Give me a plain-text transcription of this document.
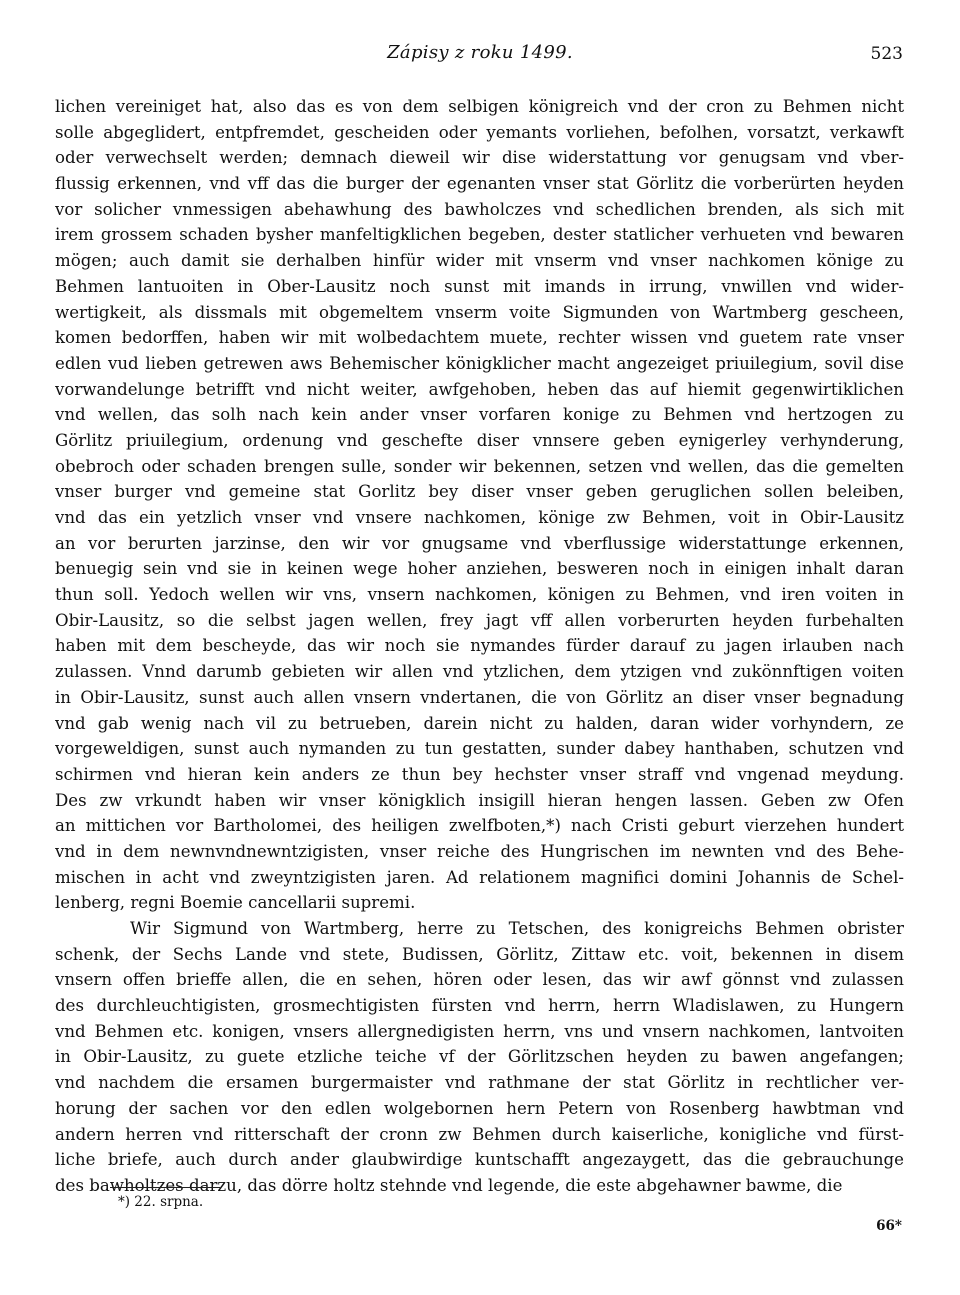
Zápisy z roku 1499.	523
lichen vereiniget hat, also das es von dem selbigen königreich vnd der cron zu Behmen nicht
solle abgeglidert, entpfremdet, gescheiden oder yemants vorliehen, befolhen, vorsatzt, verkawft
oder verwechselt werden; demnach dieweil wir dise widerstattung vor genugsam vnd vber-
flussig erkennen, vnd vff das die burger der egenanten vnser stat Görlitz die vorberürten heyden
vor solicher vnmessigen abehawhung des bawholczes vnd schedlichen brenden, als sich mit
irem grossem schaden bysher manfeltigklichen begeben, dester statlicher verhueten vnd bewaren
mögen; auch damit sie derhalben hinfür wider mit vnserm vnd vnser nachkomen könige zu
Behmen lantuoiten in Ober-Lausitz noch sunst mit imands in irrung, vnwillen vnd wider-
wertigkeit, als dissmals mit obgemeltem vnserm voite Sigmunden von Wartmberg gescheen,
komen bedorffen, haben wir mit wolbedachtem muete, rechter wissen vnd guetem rate vnser
edlen vud lieben getrewen aws Behemischer königklicher macht angezeiget priuilegium, sovil dise
vorwandelunge betrifft vnd nicht weiter, awfgehoben, heben das auf hiemit gegenwirtiklichen
vnd wellen, das solh nach kein ander vnser vorfaren konige zu Behmen vnd hertzogen zu
Görlitz priuilegium, ordenung vnd geschefte diser vnnsere geben eynigerley verhynderung,
obebroch oder schaden brengen sulle, sonder wir bekennen, setzen vnd wellen, das die gemelten
vnser burger vnd gemeine stat Gorlitz bey diser vnser geben geruglichen sollen beleiben,
vnd das ein yetzlich vnser vnd vnsere nachkomen, könige zw Behmen, voit in Obir-Lausitz
an vor berurten jarzinse, den wir vor gnugsame vnd vberflussige widerstattunge erkennen,
benuegig sein vnd sie in keinen wege hoher anziehen, besweren noch in einigen inhalt daran
thun soll. Yedoch wellen wir vns, vnsern nachkomen, königen zu Behmen, vnd iren voiten in
Obir-Lausitz, so die selbst jagen wellen, frey jagt vff allen vorberurten heyden furbehalten
haben mit dem bescheyde, das wir noch sie nymandes fürder darauf zu jagen irlauben nach
zulassen. Vnnd darumb gebieten wir allen vnd ytzlichen, dem ytzigen vnd zukönnftigen voiten
in Obir-Lausitz, sunst auch allen vnsern vndertanen, die von Görlitz an diser vnser begnadung
vnd gab wenig nach vil zu betrueben, darein nicht zu halden, daran wider vorhyndern, ze
vorgeweldigen, sunst auch nymanden zu tun gestatten, sunder dabey hanthaben, schutzen vnd
schirmen vnd hieran kein anders ze thun bey hechster vnser straff vnd vngenad meydung.
Des zw vrkundt haben wir vnser königklich insigill hieran hengen lassen. Geben zw Ofen
an mittichen vor Bartholomei, des heiligen zwelfboten,*) nach Cristi geburt vierzehen hundert
vnd in dem newnvndnewntzigisten, vnser reiche des Hungrischen im newnten vnd des Behe-
mischen in acht vnd zweyntzigisten jaren. Ad relationem magnifici domini Johannis de Schel-
lenberg, regni Boemie cancellarii supremi.
Wir Sigmund von Wartmberg, herre zu Tetschen, des konigreichs Behmen obrister
schenk, der Sechs Lande vnd stete, Budissen, Görlitz, Zittaw etc. voit, bekennen in disem
vnsern offen brieffe allen, die en sehen, hören oder lesen, das wir awf gönnst vnd zulassen
des durchleuchtigisten, grosmechtigisten fürsten vnd herrn, herrn Wladislawen, zu Hungern
vnd Behmen etc. konigen, vnsers allergnedigisten herrn, vns und vnsern nachkomen, lantvoiten
in Obir-Lausitz, zu guete etzliche teiche vf der Görlitzschen heyden zu bawen angefangen;
vnd nachdem die ersamen burgermaister vnd rathmane der stat Görlitz in rechtlicher ver-
horung der sachen vor den edlen wolgebornen hern Petern von Rosenberg hawbtman vnd
andern herren vnd ritterschaft der cronn zw Behmen durch kaiserliche, konigliche vnd fürst-
liche briefe, auch durch ander glaubwirdige kuntschafft angezaygett, das die gebrauchunge
des bawholtzes darzu, das dörre holtz stehnde vnd legende, die este abgehawner bawme, die
*) 22. srpna.
66*
